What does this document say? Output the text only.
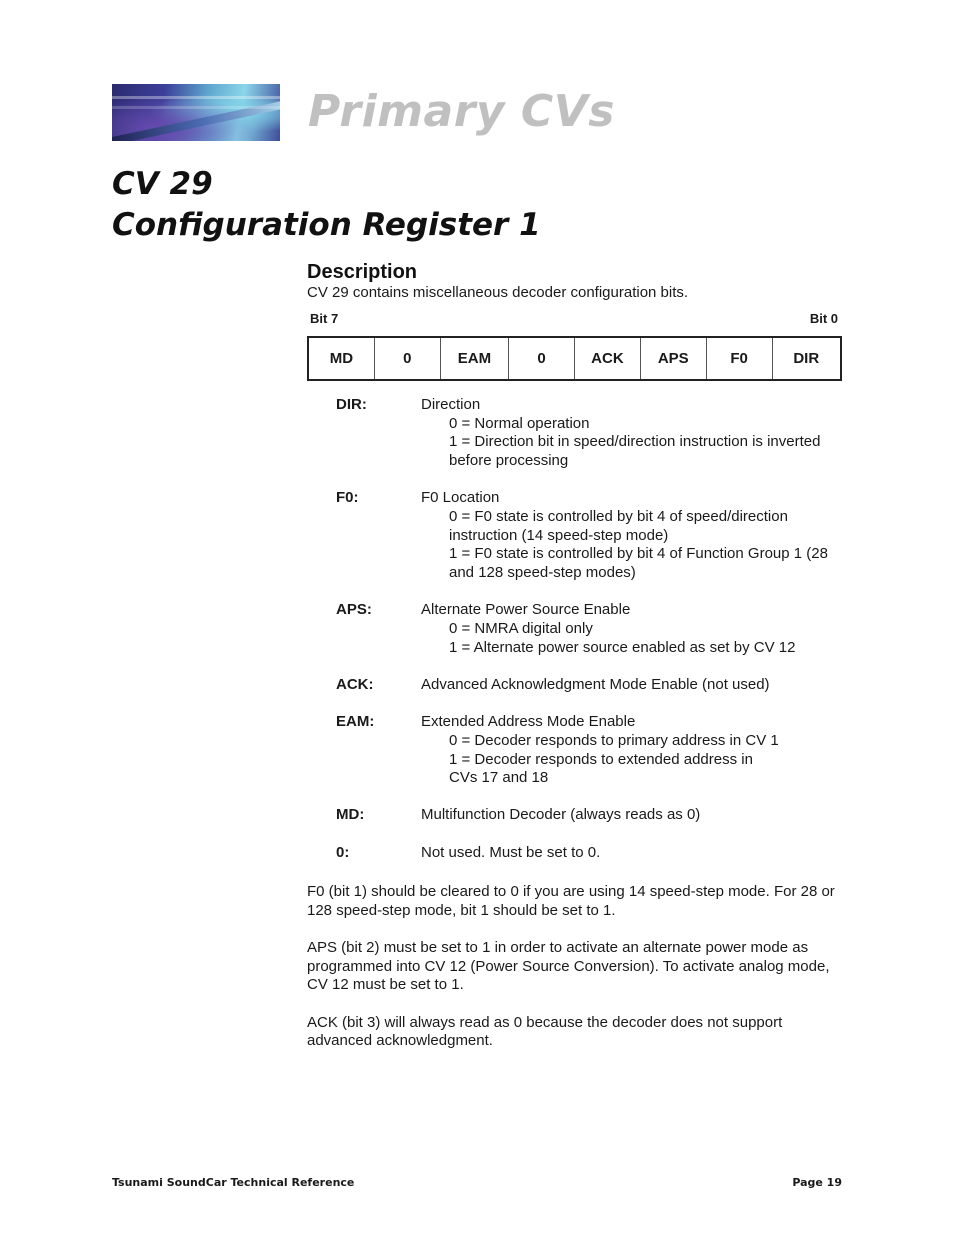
Primary CVs
CV 29
Configuration Register 1
Description

CV 29 contains miscellaneous decoder configuration bits.

Bit 7	Bit 0
MD	0	EAM	0	ACK	APS	F0	DIR
DIR:	Direction
0 = Normal operation
1 = Direction bit in speed/direction instruction is inverted before processing
F0:	F0 Location
0 = F0 state is controlled by bit 4 of speed/direction instruction (14 speed-step mode)
1 = F0 state is controlled by bit 4 of Function Group 1 (28 and 128 speed-step modes)
APS:	Alternate Power Source Enable
0 = NMRA digital only
1 = Alternate power source enabled as set by CV 12
ACK:	Advanced Acknowledgment Mode Enable (not used)
EAM:	Extended Address Mode Enable
0 = Decoder responds to primary address in CV 1
1 = Decoder responds to extended address in CVs 17 and 18
MD:	Multifunction Decoder (always reads as 0)
0:	Not used. Must be set to 0.

F0 (bit 1) should be cleared to 0 if you are using 14 speed-step mode. For 28 or 128 speed-step mode, bit 1 should be set to 1.

APS (bit 2) must be set to 1 in order to activate an alternate power mode as programmed into CV 12 (Power Source Conversion). To activate analog mode, CV 12 must be set to 1.

ACK (bit 3) will always read as 0 because the decoder does not support advanced acknowledgment.

Tsunami SoundCar Technical Reference	Page 19
